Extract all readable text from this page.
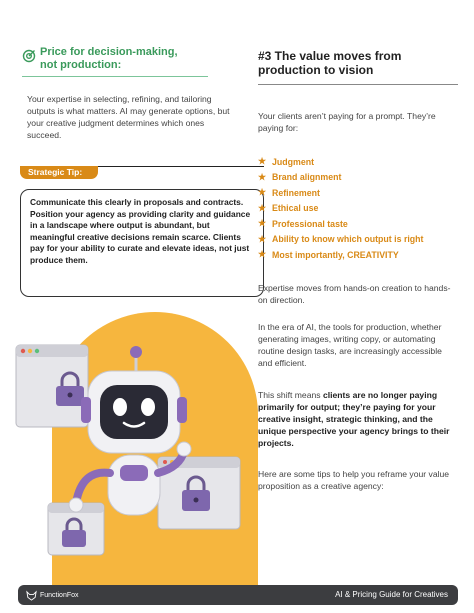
Price for decision-making,
not production:

Your expertise in selecting, refining, and tailoring outputs is what matters. AI may generate options, but your creative judgment determines which ones succeed.

Strategic Tip:
Communicate this clearly in proposals and contracts. Position your agency as providing clarity and guidance in a landscape where output is abundant, but meaningful creative decisions remain scarce. Clients pay for your ability to curate and elevate ideas, not just produce them.
#3 The value moves from
production to vision

Your clients aren’t paying for a prompt. They’re paying for:

★ Judgment
★ Brand alignment
★ Refinement
★ Ethical use
★ Professional taste
★ Ability to know which output is right
★ Most importantly, CREATIVITY

Expertise moves from hands-on creation to hands-on direction.

In the era of AI, the tools for production, whether generating images, writing copy, or automating routine design tasks, are increasingly accessible and efficient.

This shift means clients are no longer paying primarily for output; they’re paying for your creative insight, strategic thinking, and the unique perspective your agency brings to their projects.

Here are some tips to help you reframe your value proposition as a creative agency:

FunctionFox	AI & Pricing Guide for Creatives
